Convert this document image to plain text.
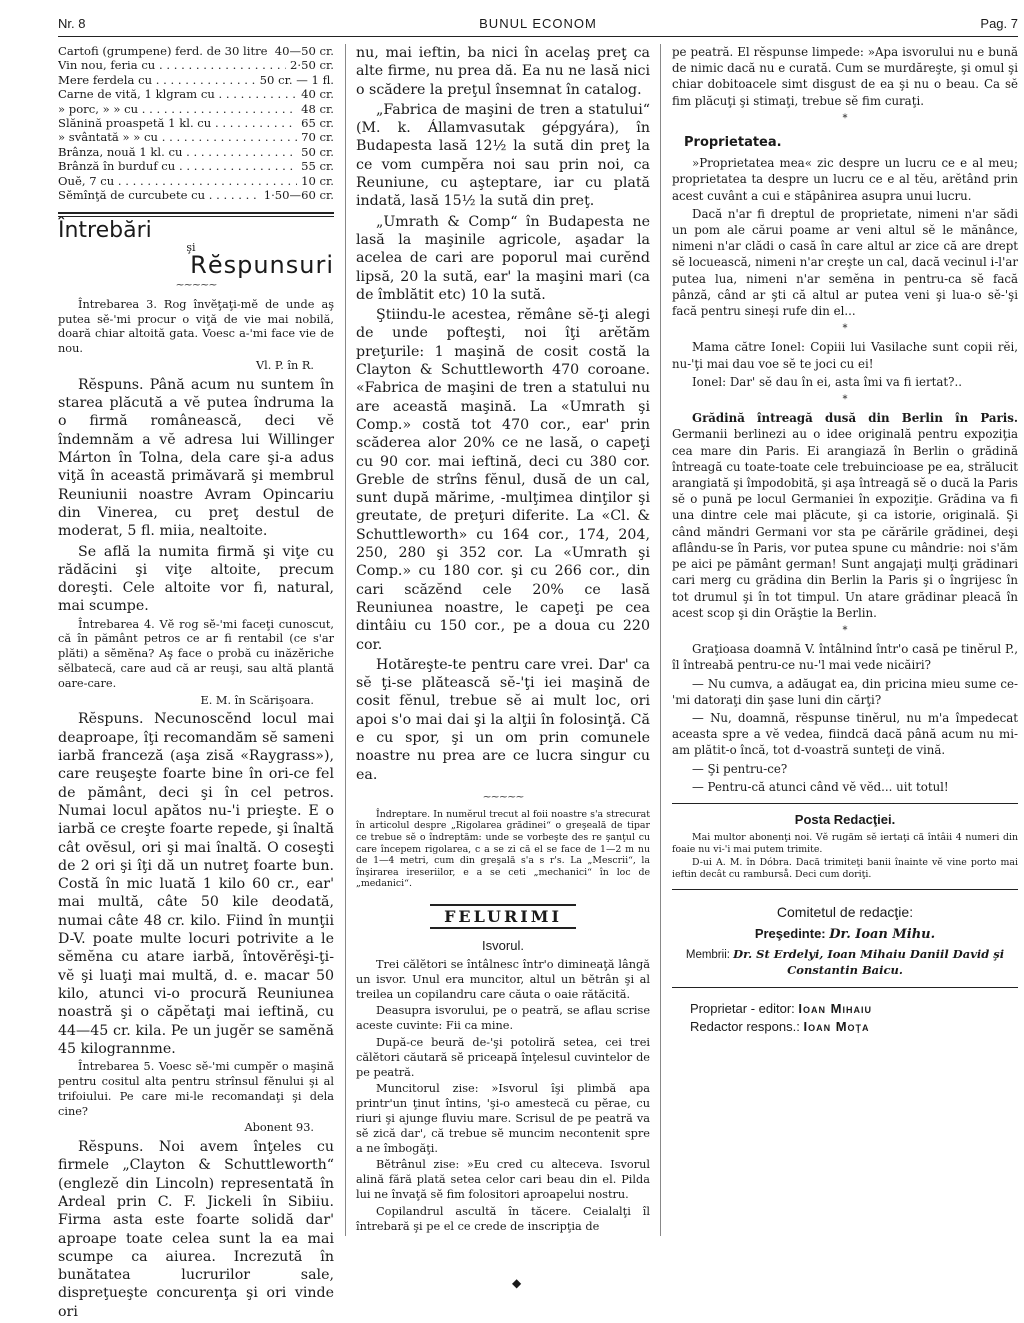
Nr. 8	BUNUL ECONOM	Pag. 7
Cartofi (grumpene) ferd. de 30 litre . . . 40—50 cr.
Vin nou, feria cu . . .	2·50 cr.
Mere ferdela cu . . .	50 cr. — 1 fl.
Carne de vită, 1 klgram cu . . .	40 cr.
» porc, » » cu . . .	48 cr.
Slănină proaspetă 1 kl. cu . . .	65 cr.
» svântată » » cu . . .	70 cr.
Brânza, nouă 1 kl. cu . . .	50 cr.
Brânză în burduf cu . . .	55 cr.
Ouĕ, 7 cu . . .	10 cr.
Sĕmînţă de curcubete cu . . .	1·50—60 cr.
Întrebări
şi
Rĕspunsuri
~~~~~

Întrebarea 3. Rog învĕţaţi-mĕ de unde aş putea sĕ-'mi procur o viţă de vie mai nobilă, doară chiar altoită gata. Voesc a-'mi face vie de nou.

Vl. P. în R.

Rĕspuns. Până acum nu suntem în starea plăcută a vĕ putea îndruma la o firmă românească, deci vĕ îndemnăm a vĕ adresa lui Willinger Márton în Tolna, dela care şi-a adus viţă în această primăvară şi membrul Reuniunii noastre Avram Opincariu din Vinerea, cu preţ destul de moderat, 5 fl. miia, nealtoite.

Se află la numita firmă şi viţe cu rădăcini şi viţe altoite, precum doreşti. Cele altoite vor fi, natural, mai scumpe.

Întrebarea 4. Vĕ rog sĕ-'mi faceţi cunoscut, că în pământ petros ce ar fi rentabil (ce s'ar plăti) a sĕmĕna? Aş face o probă cu inăzĕriche sĕlbatecă, care aud că ar reuşi, sau altă plantă oare-care.

E. M. în Scărişoara.

Rĕspuns. Necunoscĕnd locul mai deaproape, îţi recomandăm sĕ sameni iarbă franceză (aşa zisă «Raygrass»), care reuşeşte foarte bine în ori-ce fel de pământ, deci şi în cel petros. Numai locul apătos nu-'i prieşte. E o iarbă ce creşte foarte repede, şi înaltă cât ovĕsul, ori şi mai înaltă. O coseşti de 2 ori şi îţi dă un nutreţ foarte bun. Costă în mic luată 1 kilo 60 cr., ear' mai multă, câte 50 kile deodată, numai câte 48 cr. kilo. Fiind în munţii D-V. poate multe locuri potrivite a le sĕmĕna cu atare iarbă, întovĕrĕşi-ţi-vĕ şi luaţi mai multă, d. e. macar 50 kilo, atunci vi-o procură Reuniunea noastră şi o căpĕtaţi mai ieftină, cu 44—45 cr. kila. Pe un jugĕr se samĕnă 45 kilogrannme.

Întrebarea 5. Voesc sĕ-'mi cumpĕr o maşină pentru cositul alta pentru strînsul fĕnului şi al trifoiului. Pe care mi-le recomandaţi şi dela cine?

Abonent 93.

Rĕspuns. Noi avem înţeles cu firmele „Clayton & Schuttleworth“ (englezĕ din Lincoln) representată în Ardeal prin C. F. Jickeli în Sibiiu. Firma asta este foarte solidă dar' aproape toate celea sunt la ea mai scumpe ca aiurea. Increzută în bunătatea lucrurilor sale, dispreţueşte concurenţa şi ori vinde ori

nu, mai ieftin, ba nici în acelaş preţ ca alte firme, nu prea dă. Ea nu ne lasă nici o scădere la preţul însemnat în catalog.

„Fabrica de maşini de tren a statului“ (M. k. Államvasutak gépgyára), în Budapesta lasă 12½ la sută din preţ la ce vom cumpĕra noi sau prin noi, ca Reuniune, cu aşteptare, iar cu plată indată, lasă 15½ la sută din preţ.

„Umrath & Comp“ în Budapesta ne lasă la maşinile agricole, aşadar la acelea de cari are poporul mai curĕnd lipsă, 20 la sută, ear' la maşini mari (ca de îmblătit etc) 10 la sută.

Ştiindu-le acestea, rĕmâne sĕ-ţi alegi de unde pofteşti, noi îţi arĕtăm preţurile: 1 maşină de cosit costă la Clayton & Schuttleworth 470 coroane. «Fabrica de maşini de tren a statului nu are această maşină. La «Umrath şi Comp.» costă tot 470 cor., ear' prin scăderea alor 20% ce ne lasă, o capeţi cu 90 cor. mai ieftină, deci cu 380 cor. Greble de strîns fĕnul, dusă de un cal, sunt după mărime, -mulţimea dinţilor şi greutate, de preţuri diferite. La «Cl. & Schuttleworth» cu 164 cor., 174, 204, 250, 280 şi 352 cor. La «Umrath şi Comp.» cu 180 cor. şi cu 266 cor., din cari scăzĕnd cele 20% ce lasă Reuniunea noastre, le capeţi pe cea dintâiu cu 150 cor., pe a doua cu 220 cor.

Hotăreşte-te pentru care vrei. Dar' ca sĕ ţi-se plătească sĕ-'ţi iei maşină de cosit fĕnul, trebue sĕ ai mult loc, ori apoi s'o mai dai şi la alţii în folosinţă. Că e cu spor, şi un om prin comunele noastre nu prea are ce lucra singur cu ea.

~~~~~

Îndreptare. In numĕrul trecut al foii noastre s'a strecurat în articolul despre „Rigolarea grădinei“ o greşeală de tipar ce trebue sĕ o îndreptăm: unde se vorbeşte des re şanţul cu care începem rigolarea, c a se zi că el se face de 1—2 m nu de 1—4 metri, cum din greşală s'a s r's. La „Mescrii“, la înşirarea ireseriilor, e a se ceti „mechanici“ în loc de „medanici“.

FELURIMI
Isvorul.

Trei călĕtori se întâlnesc într'o dimineaţă lângă un isvor. Unul era muncitor, altul un bĕtrân şi al treilea un copilandru care căuta o oaie rătăcită.

Deasupra isvorului, pe o peatră, se aflau scrise aceste cuvinte: Fii ca mine.

După-ce beură de-'şi potoliră setea, cei trei călĕtori căutară sĕ priceapă înţelesul cuvintelor de pe peatră.

Muncitorul zise: »Isvorul îşi plimbă apa printr'un ţinut întins, 'şi-o amestecă cu pĕrae, cu riuri şi ajunge fluviu mare. Scrisul de pe peatră va sĕ zică dar', că trebue sĕ muncim necontenit spre a ne îmbogăţi.

Bĕtrânul zise: »Eu cred cu alteceva. Isvorul alină fără plată setea celor cari beau din el. Pilda lui ne învaţă sĕ fim folositori aproapelui nostru.

Copilandrul ascultă în tăcere. Ceialalţi îl întrebară şi pe el ce crede de inscripţia de

pe peatră. El rĕspunse limpede: »Apa isvorului nu e bună de nimic dacă nu e curată. Cum se murdăreşte, şi omul şi chiar dobitoacele simt disgust de ea şi nu o beau. Ca sĕ fim plăcuţi şi stimaţi, trebue sĕ fim curaţi.

*
Proprietatea.

»Proprietatea mea« zic despre un lucru ce e al meu; proprietatea ta despre un lucru ce e al tĕu, arĕtând prin acest cuvânt a cui e stăpânirea asupra unui lucru.

Dacă n'ar fi dreptul de proprietate, nimeni n'ar sădi un pom ale cărui poame ar veni altul sĕ le mănânce, nimeni n'ar clădi o casă în care altul ar zice că are drept sĕ locuească, nimeni n'ar creşte un cal, dacă vecinul i-l'ar putea lua, nimeni n'ar semĕna in pentru-ca sĕ facă pânză, când ar şti că altul ar putea veni şi lua-o sĕ-'şi facă pentru sineşi rufe din el...

*

Mama către Ionel: Copiii lui Vasilache sunt copii rĕi, nu-'ţi mai dau voe sĕ te joci cu ei!

Ionel: Dar' sĕ dau în ei, asta îmi va fi iertat?..

*

Grădină întreagă dusă din Berlin în Paris. Germanii berlinezi au o idee originală pentru expoziţia cea mare din Paris. Ei arangiază în Berlin o grădină întreagă cu toate-toate cele trebuincioase pe ea, strălucit arangiată şi împodobită, şi aşa întreagă sĕ o ducă la Paris sĕ o pună pe locul Germaniei în expoziţie. Grădina va fi una dintre cele mai plăcute, şi ca istorie, originală. Şi când măndri Germani vor sta pe cărările grădinei, deşi aflându-se în Paris, vor putea spune cu mândrie: noi s'ăm pe aici pe pământ german! Sunt angajaţi mulţi grădinari cari merg cu grădina din Berlin la Paris şi o îngrijesc în tot drumul şi în tot timpul. Un atare grădinar pleacă în acest scop şi din Orăştie la Berlin.

*

Graţioasa doamnă V. întâlnind într'o casă pe tinĕrul P., îl întreabă pentru-ce nu-'l mai vede nicăiri?

— Nu cumva, a adăugat ea, din pricina mieu sume ce-'mi datoraţi din şase luni din cărţi?

— Nu, doamnă, rĕspunse tinĕrul, nu m'a împedecat aceasta spre a vĕ vedea, fiindcă dacă până acum nu mi-am plătit-o încă, tot d-voastră sunteţi de vină.

— Şi pentru-ce?

— Pentru-că atunci când vĕ vĕd... uit totul!

Posta Redacţiei.

Mai multor abonenţi noi. Vĕ rugăm sĕ iertaţi că întâii 4 numeri din foaie nu vi-'i mai putem trimite.

D-ui A. M. în Dóbra. Dacă trimiteţi banii înainte vĕ vine porto mai ieftin decât cu ramburså. Deci cum doriţi.

Comitetul de redacţie:
Preşedinte: Dr. Ioan Mihu.
Membrii: Dr. St Erdelyi, Ioan Mihaiu Daniil David şi Constantin Baicu.
Proprietar - editor: Ioan Mihaiu
Redactor respons.: Ioan Moţa
◆
